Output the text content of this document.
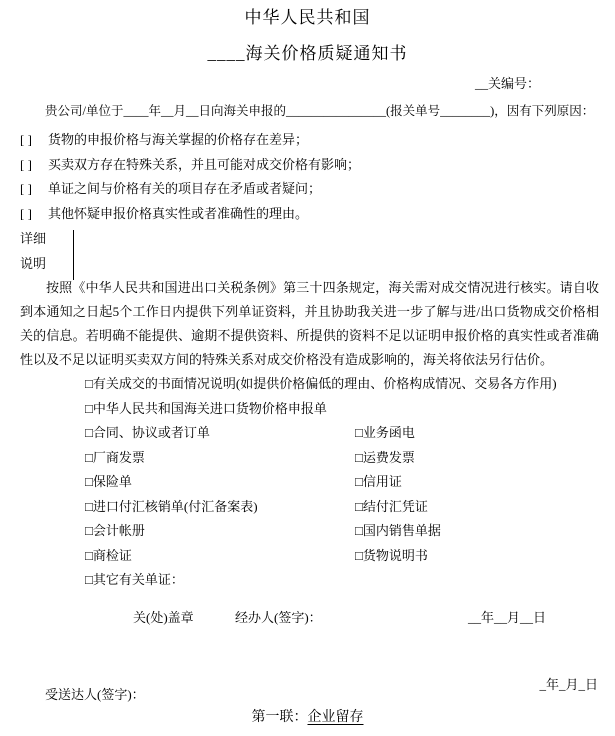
中华人民共和国
____海关价格质疑通知书
__关编号：
贵公司/单位于____年__月__日向海关申报的________________(报关单号________)，因有下列原因：
[ ]	货物的申报价格与海关掌握的价格存在差异；
[ ]	买卖双方存在特殊关系，并且可能对成交价格有影响；
[ ]	单证之间与价格有关的项目存在矛盾或者疑问；
[ ]	其他怀疑申报价格真实性或者准确性的理由。
详细
说明
按照《中华人民共和国进出口关税条例》第三十四条规定，海关需对成交情况进行核实。请自收到本通知之日起5个工作日内提供下列单证资料，并且协助我关进一步了解与进/出口货物成交价格相关的信息。若明确不能提供、逾期不提供资料、所提供的资料不足以证明申报价格的真实性或者准确性以及不足以证明买卖双方间的特殊关系对成交价格没有造成影响的，海关将依法另行估价。
□ 有关成交的书面情况说明(如提供价格偏低的理由、价格构成情况、交易各方作用)
□ 中华人民共和国海关进口货物价格申报单
□ 合同、协议或者订单	□ 业务函电
□ 厂商发票	□ 运费发票
□ 保险单	□ 信用证
□ 进口付汇核销单(付汇备案表)	□ 结付汇凭证
□ 会计帐册	□ 国内销售单据
□ 商检证	□ 货物说明书
□ 其它有关单证：
关(处)盖章	经办人(签字)：	__年__月__日
受送达人(签字)：
_年_月_日
第一联：企业留存
